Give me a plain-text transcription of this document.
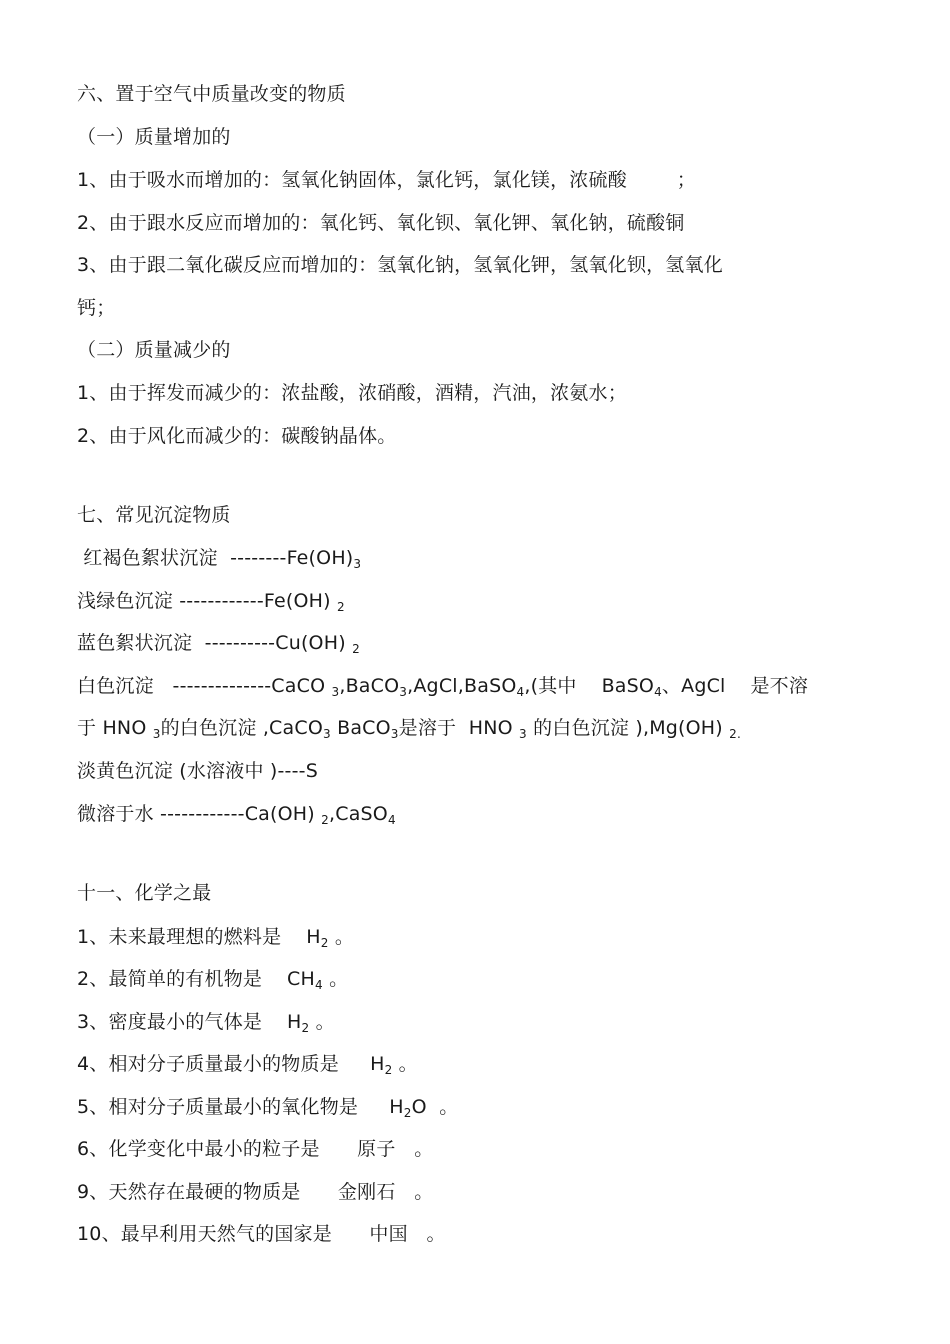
六、置于空气中质量改变的物质
（一）质量增加的
1、由于吸水而增加的：氢氧化钠固体，氯化钙，氯化镁，浓硫酸        ；
2、由于跟水反应而增加的：氧化钙、氧化钡、氧化钾、氧化钠，硫酸铜
3、由于跟二氧化碳反应而增加的：氢氧化钠，氢氧化钾，氢氧化钡，氢氧化
钙；
（二）质量减少的
1、由于挥发而减少的：浓盐酸，浓硝酸，酒精，汽油，浓氨水；
2、由于风化而减少的：碳酸钠晶体。
七、常见沉淀物质
红褐色絮状沉淀  $--------Fe(OH)_3$
浅绿色沉淀 ------------Fe(OH) $_2$
蓝色絮状沉淀  ----------Cu(OH) $_2$
白色沉淀   --------------CaCO $_3$,BaCO$_3$,AgCl,BaSO$_4$,(其中    BaSO$_4$、AgCl    是不溶
于 HNO $_3$的白色沉淀 ,CaCO$_3$ BaCO$_3$是溶于  HNO $_3$ 的白色沉淀 ),Mg(OH) $_{2.}$
淡黄色沉淀 (水溶液中 )----S
微溶于水 ------------Ca(OH) $_2$,CaSO$_4$
十一、化学之最
1、未来最理想的燃料是    $H_2$ 。
2、最简单的有机物是    $CH_4$ 。
3、密度最小的气体是    $H_2$ 。
4、相对分子质量最小的物质是     $H_2$ 。
5、相对分子质量最小的氧化物是     $H_2O$  。
6、化学变化中最小的粒子是      原子   。
9、天然存在最硬的物质是      金刚石   。
10、最早利用天然气的国家是      中国   。
